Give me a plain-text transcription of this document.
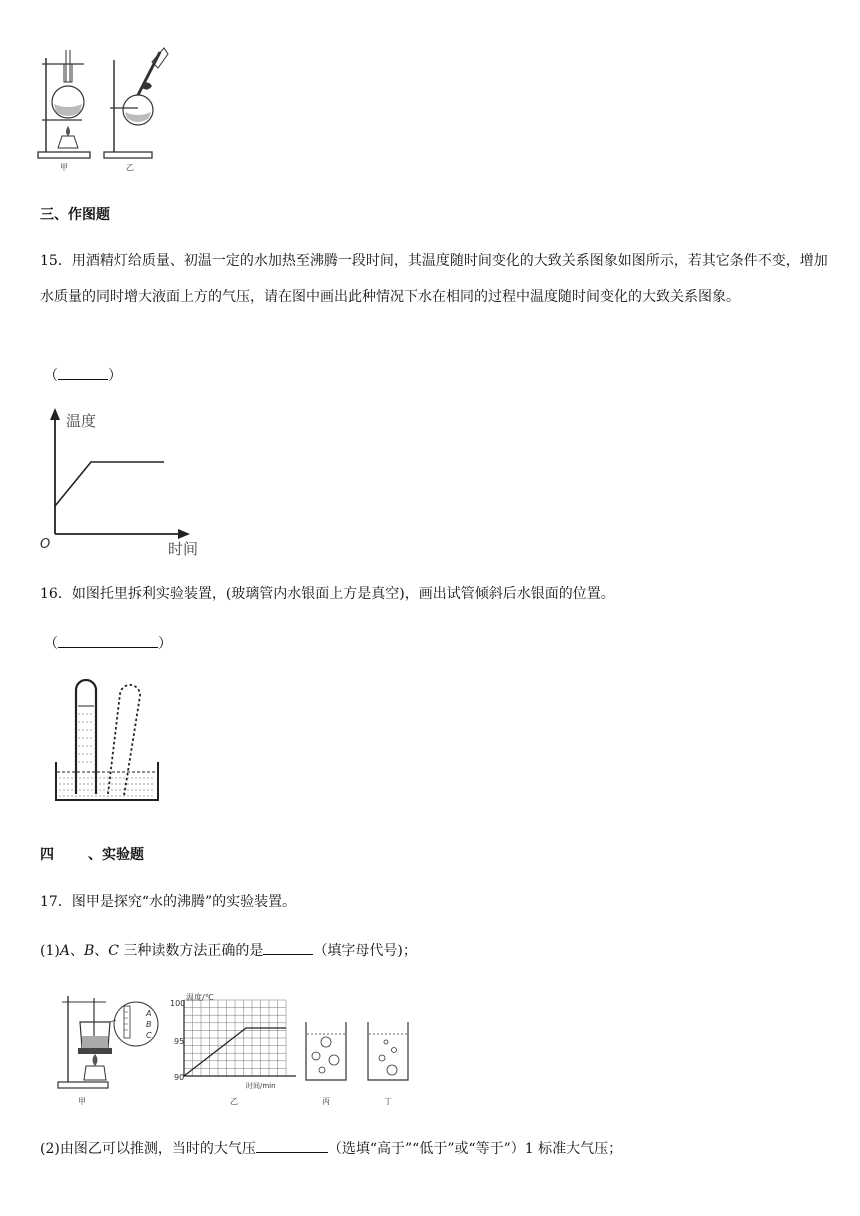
甲	乙
三、作图题
15．用酒精灯给质量、初温一定的水加热至沸腾一段时间，其温度随时间变化的大致关系图象如图所示，若其它条件不变，增加水质量的同时增大液面上方的气压，请在图中画出此种情况下水在相同的过程中温度随时间变化的大致关系图象。
（	）
温度
时间
O
16．如图托里拆利实验装置，(玻璃管内水银面上方是真空)，画出试管倾斜后水银面的位置。
（	）
四 、实验题
17．图甲是探究“水的沸腾”的实验装置。
(1)A、B、C 三种读数方法正确的是	（填字母代号)；
甲
A
B
C
温度/℃
100
95
90
时间/min
乙	丙	丁
(2)由图乙可以推测，当时的大气压	（选填“高于”“低于”或“等于”）1 标准大气压；
